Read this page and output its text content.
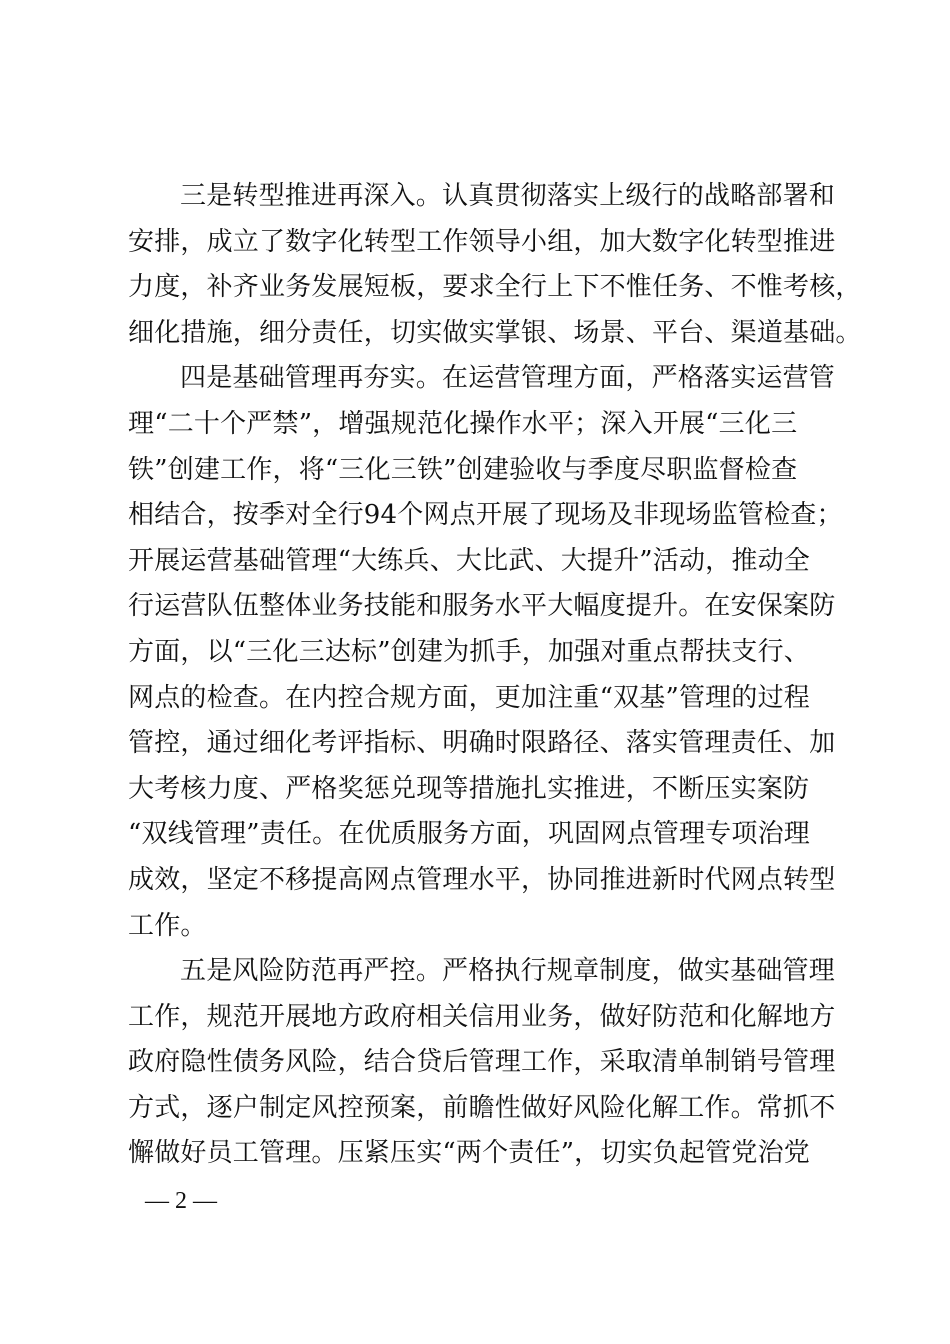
三是转型推进再深入。认真贯彻落实上级行的战略部署和
安排，成立了数字化转型工作领导小组，加大数字化转型推进
力度，补齐业务发展短板，要求全行上下不惟任务、不惟考核，
细化措施，细分责任，切实做实掌银、场景、平台、渠道基础。

四是基础管理再夯实。在运营管理方面，严格落实运营管
理“二十个严禁”，增强规范化操作水平；深入开展“三化三
铁”创建工作，将“三化三铁”创建验收与季度尽职监督检查
相结合，按季对全行94个网点开展了现场及非现场监管检查；
开展运营基础管理“大练兵、大比武、大提升”活动，推动全
行运营队伍整体业务技能和服务水平大幅度提升。在安保案防
方面，以“三化三达标”创建为抓手，加强对重点帮扶支行、
网点的检查。在内控合规方面，更加注重“双基”管理的过程
管控，通过细化考评指标、明确时限路径、落实管理责任、加
大考核力度、严格奖惩兑现等措施扎实推进，不断压实案防
“双线管理”责任。在优质服务方面，巩固网点管理专项治理
成效，坚定不移提高网点管理水平，协同推进新时代网点转型
工作。

五是风险防范再严控。严格执行规章制度，做实基础管理
工作，规范开展地方政府相关信用业务，做好防范和化解地方
政府隐性债务风险，结合贷后管理工作，采取清单制销号管理
方式，逐户制定风控预案，前瞻性做好风险化解工作。常抓不
懈做好员工管理。压紧压实“两个责任”，切实负起管党治党

— 2 —
